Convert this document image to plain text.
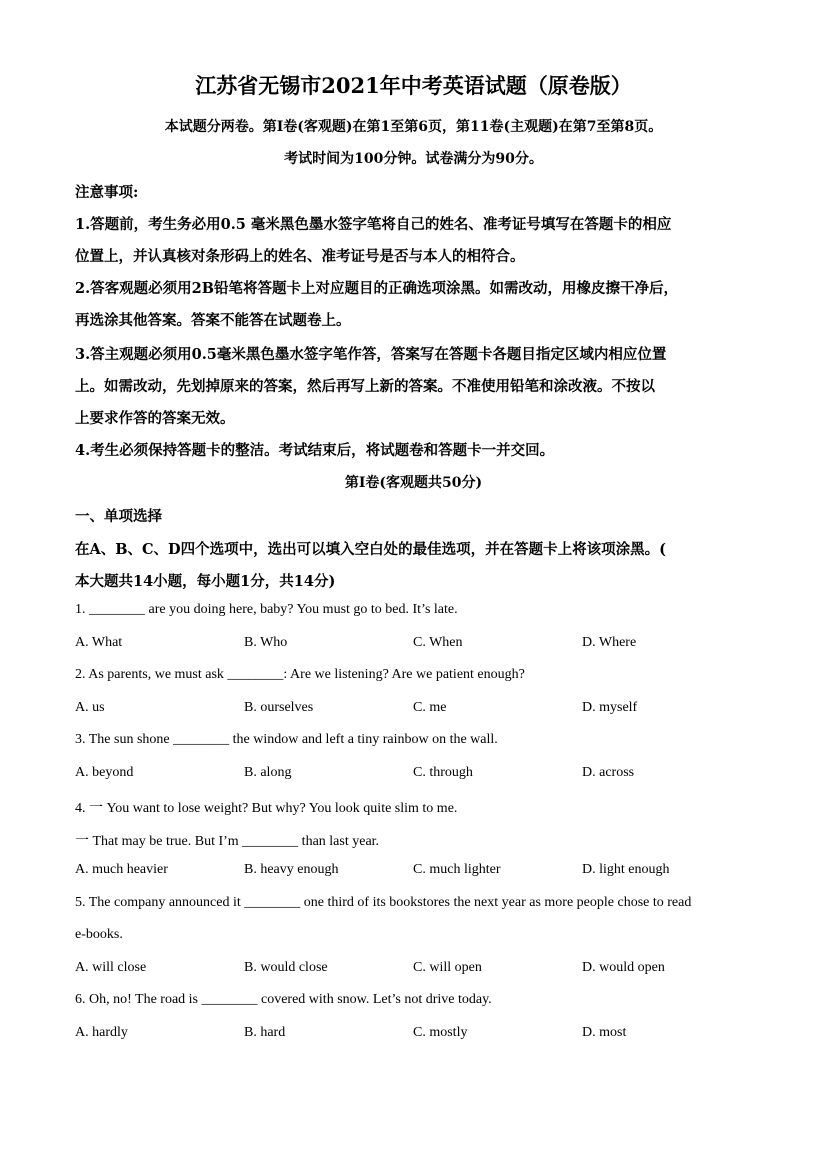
江苏省无锡市2021年中考英语试题（原卷版）
本试题分两卷。第I卷(客观题)在第1至第6页，第11卷(主观题)在第7至第8页。
考试时间为100分钟。试卷满分为90分。
注意事项:
1.答题前，考生务必用0.5 毫米黑色墨水签字笔将自己的姓名、准考证号填写在答题卡的相应
位置上，并认真核对条形码上的姓名、准考证号是否与本人的相符合。
2.答客观题必须用2B铅笔将答题卡上对应题目的正确选项涂黑。如需改动，用橡皮擦干净后，
再选涂其他答案。答案不能答在试题卷上。
3.答主观题必须用0.5毫米黑色墨水签字笔作答，答案写在答题卡各题目指定区域内相应位置
上。如需改动，先划掉原来的答案，然后再写上新的答案。不准使用铅笔和涂改液。不按以
上要求作答的答案无效。
4.考生必须保持答题卡的整洁。考试结束后，将试题卷和答题卡一并交回。
第I卷(客观题共50分)
一、单项选择
在A、B、C、D四个选项中，选出可以填入空白处的最佳选项，并在答题卡上将该项涂黑。(
本大题共14小题，每小题1分，共14分)
1. ________ are you doing here, baby? You must go to bed. It’s late.
A. What	B. Who	C. When	D. Where
2. As parents, we must ask ________: Are we listening? Are we patient enough?
A. us	B. ourselves	C. me	D. myself
3. The sun shone ________ the window and left a tiny rainbow on the wall.
A. beyond	B. along	C. through	D. across
4. 一 You want to lose weight? But why? You look quite slim to me.
一 That may be true. But I’m ________ than last year.
A. much heavier	B. heavy enough	C. much lighter	D. light enough
5. The company announced it ________ one third of its bookstores the next year as more people chose to read
e-books.
A. will close	B. would close	C. will open	D. would open
6. Oh, no! The road is ________ covered with snow. Let’s not drive today.
A. hardly	B. hard	C. mostly	D. most
